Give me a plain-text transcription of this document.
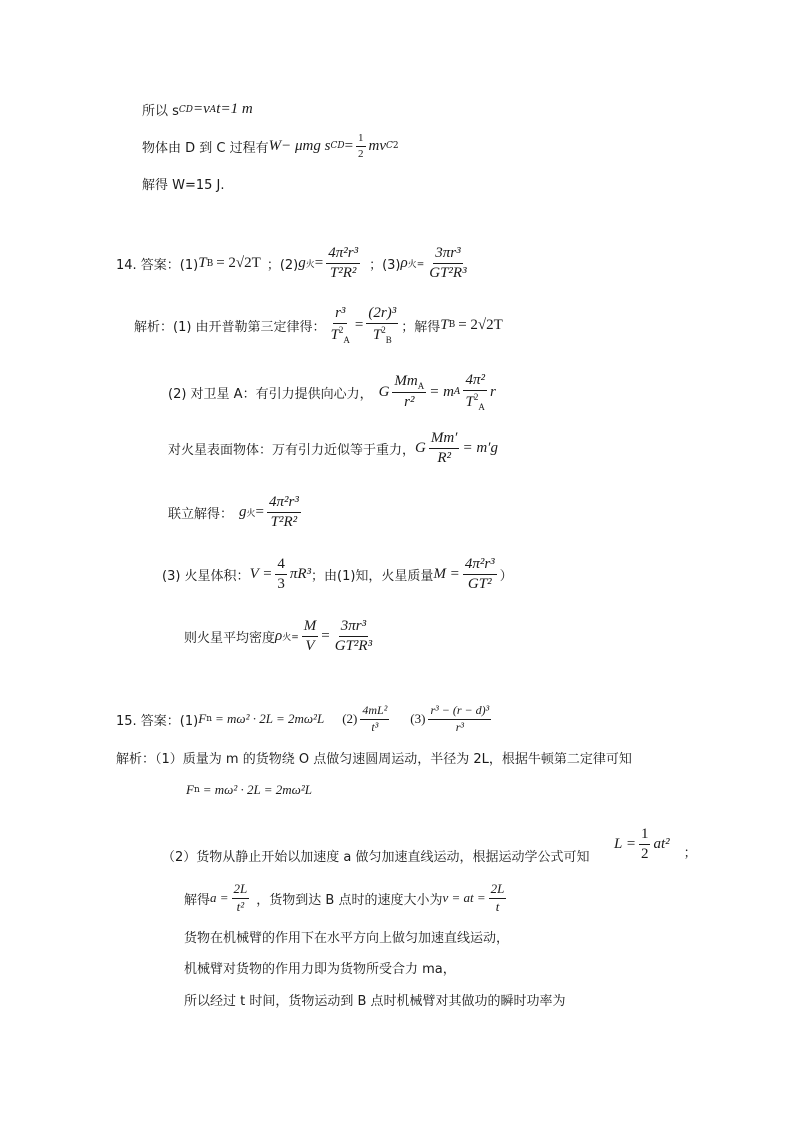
所以 s CD =v A t=1 m
物体由 D 到 C 过程有 W− μmg s CD = $\frac{1}{2}$ mv C 2
解得 W=15 J.
14. 答案：(1) T B = 2√2T ；(2) g 火 = $\frac{\text{4π²r³}}{\text{T²R²}}$ ；(3) ρ 火= $\frac{\text{3πr³}}{\text{GT²R³}}$
解析：(1) 由开普勒第三定律得： $\frac{\text{r³}}{T^2_A} = \frac{\text{(2r)³}}{T^2_B}$ ；解得 T B = 2√2T
(2) 对卫星 A：有引力提供向心力， G $\frac{Mm_A}{\text{r²}} = m$ A $\frac{\text{4π²}}{T^2_A}$ r
对火星表面物体：万有引力近似等于重力， G $\frac{Mm'}{\text{R²}} = m'g$
联立解得： g 火 = $\frac{\text{4π²r³}}{\text{T²R²}}$
(3) 火星体积： $V = \frac{4}{3} \pi R^3$ ；由(1)知，火星质量 $M = \frac{\text{4π²r³}}{\text{GT²}}$ ）
则火星平均密度 ρ 火= $\frac{M}{V} = \frac{\text{3πr³}}{\text{GT²R³}}$
15. 答案：(1) F n = mω² · 2L = 2mω²L $(2) \frac{\text{4mL²}}{\text{t³}} (3) \frac{\text{r³ − (r − d)³}}{\text{r³}}$
解析：（1）质量为 m 的货物绕 O 点做匀速圆周运动，半径为 2L，根据牛顿第二定律可知
F n = mω² · 2L = 2mω²L
（2）货物从静止开始以加速度 a 做匀加速直线运动，根据运动学公式可知
$L = \frac{1}{2} at^2$
；
解得 $a = \frac{2L}{\text{t²}}$ ，货物到达 B 点时的速度大小为 v = at = $\frac{2L}{t}$
货物在机械臂的作用下在水平方向上做匀加速直线运动，
机械臂对货物的作用力即为货物所受合力 ma，
所以经过 t 时间，货物运动到 B 点时机械臂对其做功的瞬时功率为
